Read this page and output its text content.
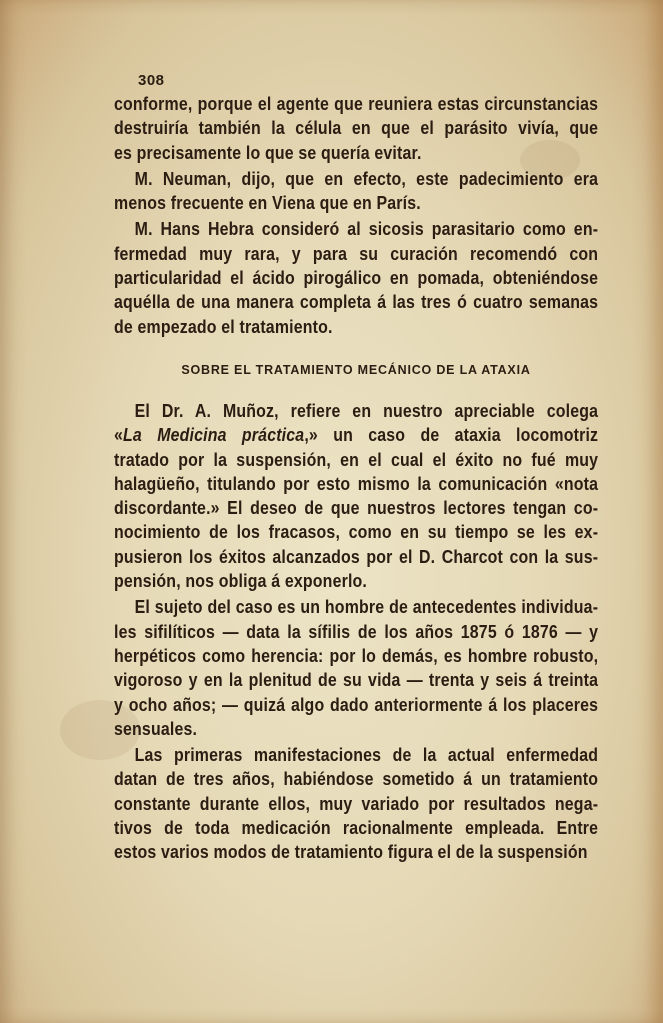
308
conforme, porque el agente que reuniera estas circunstancias
destruiría también la célula en que el parásito vivía, que
es precisamente lo que se quería evitar.
M. Neuman, dijo, que en efecto, este padecimiento era
menos frecuente en Viena que en París.
M. Hans Hebra consideró al sicosis parasitario como en-
fermedad muy rara, y para su curación recomendó con
particularidad el ácido pirogálico en pomada, obteniéndose
aquélla de una manera completa á las tres ó cuatro semanas
de empezado el tratamiento.
SOBRE EL TRATAMIENTO MECÁNICO DE LA ATAXIA
El Dr. A. Muñoz, refiere en nuestro apreciable colega
«La Medicina práctica,» un caso de ataxia locomotriz
tratado por la suspensión, en el cual el éxito no fué muy
halagüeño, titulando por esto mismo la comunicación «nota
discordante.» El deseo de que nuestros lectores tengan co-
nocimiento de los fracasos, como en su tiempo se les ex-
pusieron los éxitos alcanzados por el D. Charcot con la sus-
pensión, nos obliga á exponerlo.
El sujeto del caso es un hombre de antecedentes individua-
les sifilíticos — data la sífilis de los años 1875 ó 1876 — y
herpéticos como herencia: por lo demás, es hombre robusto,
vigoroso y en la plenitud de su vida — trenta y seis á treinta
y ocho años; — quizá algo dado anteriormente á los placeres
sensuales.
Las primeras manifestaciones de la actual enfermedad
datan de tres años, habiéndose sometido á un tratamiento
constante durante ellos, muy variado por resultados nega-
tivos de toda medicación racionalmente empleada. Entre
estos varios modos de tratamiento figura el de la suspensión
